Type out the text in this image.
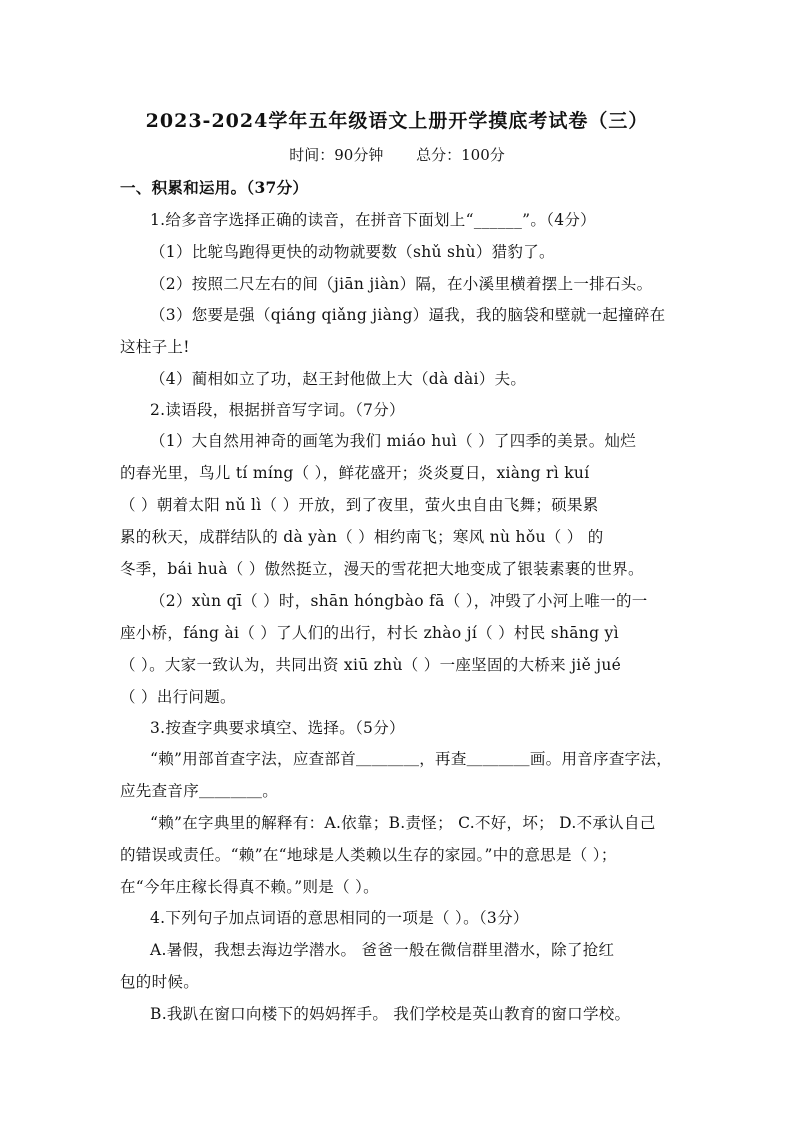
2023-2024学年五年级语文上册开学摸底考试卷（三）
时间：90分钟 总分：100分
一、积累和运用。（37分）
1.给多音字选择正确的读音，在拼音下面划上“______”。（4分）
（1）比鸵鸟跑得更快的动物就要数（shǔ shù）猎豹了。
（2）按照二尺左右的间（jiān jiàn）隔，在小溪里横着摆上一排石头。
（3）您要是强（qiáng qiǎng jiàng）逼我，我的脑袋和壁就一起撞碎在
这柱子上!
（4）蔺相如立了功，赵王封他做上大（dà dài）夫。
2.读语段，根据拼音写字词。（7分）
（1）大自然用神奇的画笔为我们 miáo huì（ ）了四季的美景。灿烂
的春光里，鸟儿 tí míng（ ），鲜花盛开；炎炎夏日，xiàng rì kuí
（ ）朝着太阳 nǔ lì（ ）开放，到了夜里，萤火虫自由飞舞；硕果累
累的秋天，成群结队的 dà yàn（ ）相约南飞；寒风 nù hǒu（ ） 的
冬季，bái huà（ ）傲然挺立，漫天的雪花把大地变成了银装素裹的世界。
（2）xùn qī（ ）时，shān hóngbào fā（ ），冲毁了小河上唯一的一
座小桥，fáng ài（ ）了人们的出行，村长 zhào jí（ ）村民 shāng yì
（ ）。大家一致认为，共同出资 xiū zhù（ ）一座坚固的大桥来 jiě jué
（ ）出行问题。
3.按查字典要求填空、选择。（5分）
“赖”用部首查字法，应查部首＿＿＿＿，再查＿＿＿＿画。用音序查字法，
应先查音序＿＿＿＿。
“赖”在字典里的解释有：A.依靠；B.责怪； C.不好，坏； D.不承认自己
的错误或责任。“赖”在“地球是人类赖以生存的家园。”中的意思是（ ）；
在“今年庄稼长得真不赖。”则是（ ）。
4.下列句子加点词语的意思相同的一项是（ ）。（3分）
A.暑假，我想去海边学潜水。 爸爸一般在微信群里潜水，除了抢红
包的时候。
B.我趴在窗口向楼下的妈妈挥手。 我们学校是英山教育的窗口学校。
